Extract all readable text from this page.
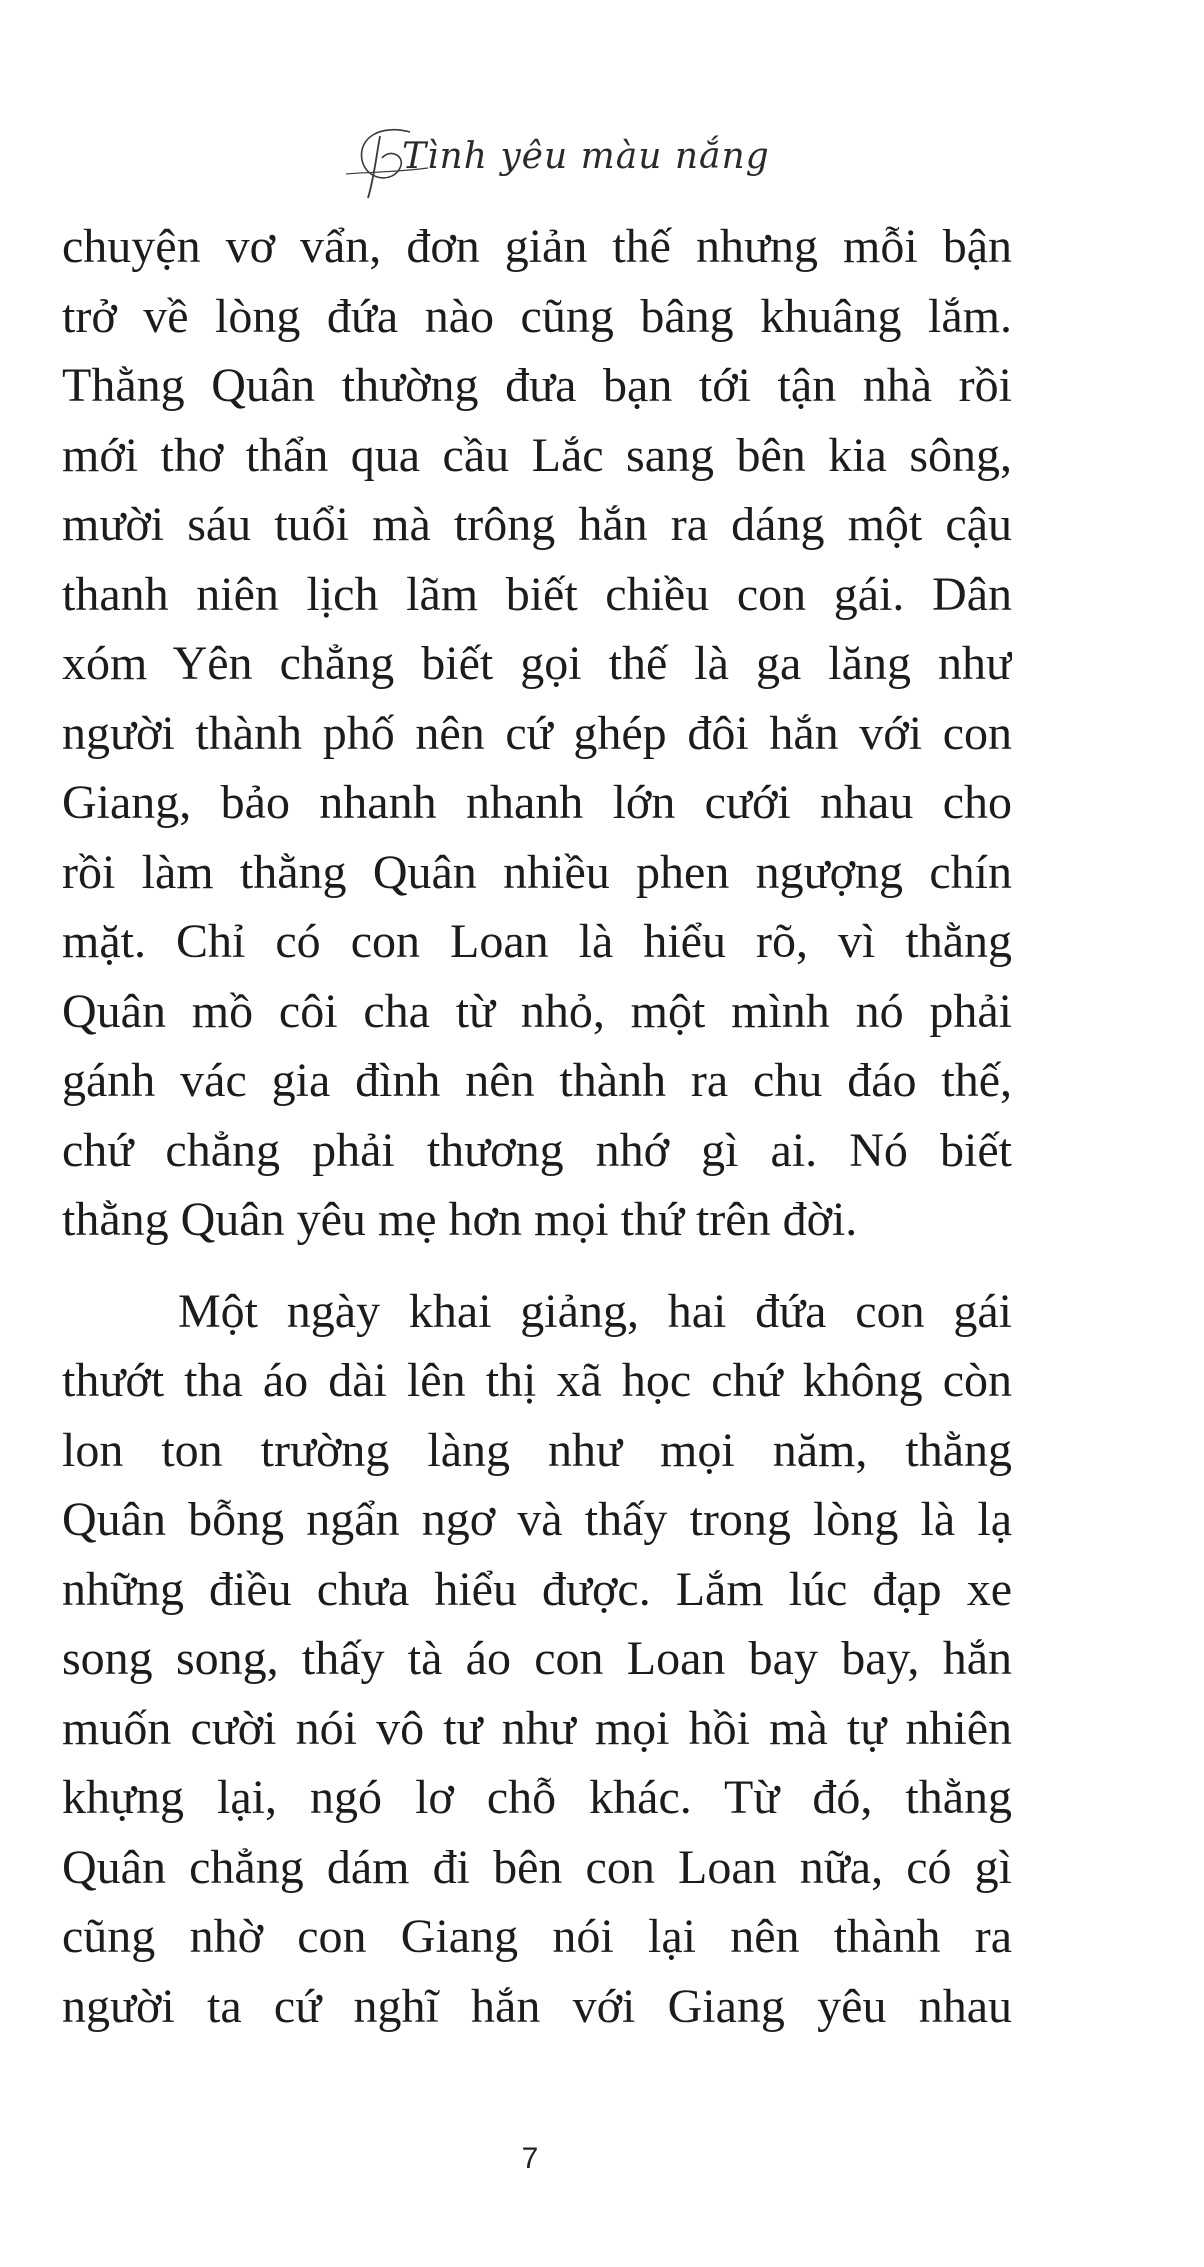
Tình yêu màu nắng

chuyện vơ vẩn, đơn giản thế nhưng mỗi bận
trở về lòng đứa nào cũng bâng khuâng lắm.
Thằng Quân thường đưa bạn tới tận nhà rồi
mới thơ thẩn qua cầu Lắc sang bên kia sông,
mười sáu tuổi mà trông hắn ra dáng một cậu
thanh niên lịch lãm biết chiều con gái. Dân
xóm Yên chẳng biết gọi thế là ga lăng như
người thành phố nên cứ ghép đôi hắn với con
Giang, bảo nhanh nhanh lớn cưới nhau cho
rồi làm thằng Quân nhiều phen ngượng chín
mặt. Chỉ có con Loan là hiểu rõ, vì thằng
Quân mồ côi cha từ nhỏ, một mình nó phải
gánh vác gia đình nên thành ra chu đáo thế,
chứ chẳng phải thương nhớ gì ai. Nó biết
thằng Quân yêu mẹ hơn mọi thứ trên đời.

Một ngày khai giảng, hai đứa con gái
thướt tha áo dài lên thị xã học chứ không còn
lon ton trường làng như mọi năm, thằng
Quân bỗng ngẩn ngơ và thấy trong lòng là lạ
những điều chưa hiểu được. Lắm lúc đạp xe
song song, thấy tà áo con Loan bay bay, hắn
muốn cười nói vô tư như mọi hồi mà tự nhiên
khựng lại, ngó lơ chỗ khác. Từ đó, thằng
Quân chẳng dám đi bên con Loan nữa, có gì
cũng nhờ con Giang nói lại nên thành ra
người ta cứ nghĩ hắn với Giang yêu nhau

7
